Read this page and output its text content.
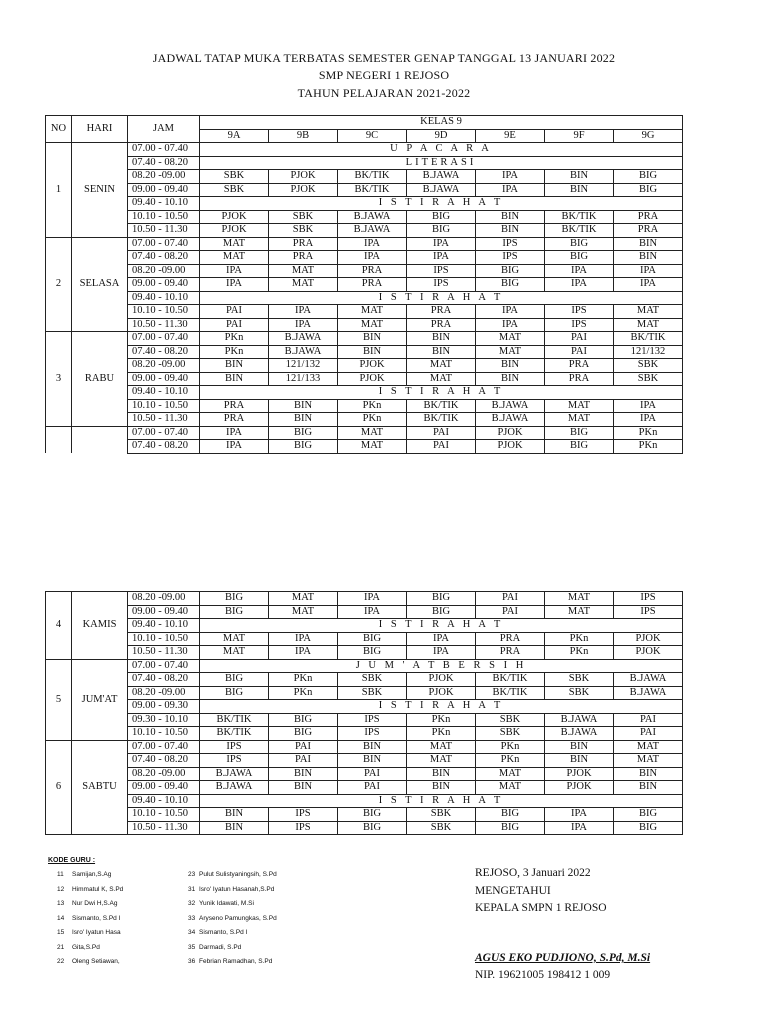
JADWAL TATAP MUKA TERBATAS SEMESTER GENAP TANGGAL 13 JANUARI 2022
SMP NEGERI 1 REJOSO
TAHUN PELAJARAN 2021-2022
NO	HARI	JAM	KELAS 9						
			9A	9B	9C	9D	9E	9F	9G
1	SENIN	07.00 - 07.40	U P A C A R A						
		07.40 - 08.20	LITERASI						
		08.20 -09.00	SBK	PJOK	BK/TIK	B.JAWA	IPA	BIN	BIG
		09.00 - 09.40	SBK	PJOK	BK/TIK	B.JAWA	IPA	BIN	BIG
		09.40 - 10.10	I S T I R A H A T						
		10.10 - 10.50	PJOK	SBK	B.JAWA	BIG	BIN	BK/TIK	PRA
		10.50 - 11.30	PJOK	SBK	B.JAWA	BIG	BIN	BK/TIK	PRA
2	SELASA	07.00 - 07.40	MAT	PRA	IPA	IPA	IPS	BIG	BIN
		07.40 - 08.20	MAT	PRA	IPA	IPA	IPS	BIG	BIN
		08.20 -09.00	IPA	MAT	PRA	IPS	BIG	IPA	IPA
		09.00 - 09.40	IPA	MAT	PRA	IPS	BIG	IPA	IPA
		09.40 - 10.10	I S T I R A H A T						
		10.10 - 10.50	PAI	IPA	MAT	PRA	IPA	IPS	MAT
		10.50 - 11.30	PAI	IPA	MAT	PRA	IPA	IPS	MAT
3	RABU	07.00 - 07.40	PKn	B.JAWA	BIN	BIN	MAT	PAI	BK/TIK
		07.40 - 08.20	PKn	B.JAWA	BIN	BIN	MAT	PAI	121/132
		08.20 -09.00	BIN	121/132	PJOK	MAT	BIN	PRA	SBK
		09.00 - 09.40	BIN	121/133	PJOK	MAT	BIN	PRA	SBK
		09.40 - 10.10	I S T I R A H A T						
		10.10 - 10.50	PRA	BIN	PKn	BK/TIK	B.JAWA	MAT	IPA
		10.50 - 11.30	PRA	BIN	PKn	BK/TIK	B.JAWA	MAT	IPA
		07.00 - 07.40	IPA	BIG	MAT	PAI	PJOK	BIG	PKn
		07.40 - 08.20	IPA	BIG	MAT	PAI	PJOK	BIG	PKn
4	KAMIS	08.20 -09.00	BIG	MAT	IPA	BIG	PAI	MAT	IPS
		09.00 - 09.40	BIG	MAT	IPA	BIG	PAI	MAT	IPS
		09.40 - 10.10	I S T I R A H A T						
		10.10 - 10.50	MAT	IPA	BIG	IPA	PRA	PKn	PJOK
		10.50 - 11.30	MAT	IPA	BIG	IPA	PRA	PKn	PJOK
5	JUM'AT	07.00 - 07.40	J U M ' A T B E R S I H						
		07.40 - 08.20	BIG	PKn	SBK	PJOK	BK/TIK	SBK	B.JAWA
		08.20 -09.00	BIG	PKn	SBK	PJOK	BK/TIK	SBK	B.JAWA
		09.00 - 09.30	I S T I R A H A T						
		09.30 - 10.10	BK/TIK	BIG	IPS	PKn	SBK	B.JAWA	PAI
		10.10 - 10.50	BK/TIK	BIG	IPS	PKn	SBK	B.JAWA	PAI
6	SABTU	07.00 - 07.40	IPS	PAI	BIN	MAT	PKn	BIN	MAT
		07.40 - 08.20	IPS	PAI	BIN	MAT	PKn	BIN	MAT
		08.20 -09.00	B.JAWA	BIN	PAI	BIN	MAT	PJOK	BIN
		09.00 - 09.40	B.JAWA	BIN	PAI	BIN	MAT	PJOK	BIN
		09.40 - 10.10	I S T I R A H A T						
		10.10 - 10.50	BIN	IPS	BIG	SBK	BIG	IPA	BIG
		10.50 - 11.30	BIN	IPS	BIG	SBK	BIG	IPA	BIG
KODE GURU :
11 Samijan,S.Ag
12 Himmatul K, S.Pd
13 Nur Dwi H,S.Ag
14 Sismanto, S.Pd I
15 Isro' Iyatun Hasa
21 Gita,S.Pd
22 Oleng Setiawan,
23 Pulut Sulistyaningsih, S.Pd
31 Isro' Iyatun Hasanah,S.Pd
32 Yunik Idawati, M.Si
33 Aryseno Pamungkas, S.Pd
34 Sismanto, S.Pd I
35 Darmadi, S.Pd
36 Febrian Ramadhan, S.Pd
REJOSO, 3 Januari 2022
MENGETAHUI
KEPALA SMPN 1 REJOSO
AGUS EKO PUDJIONO, S.Pd, M.Si
NIP. 19621005 198412 1 009
